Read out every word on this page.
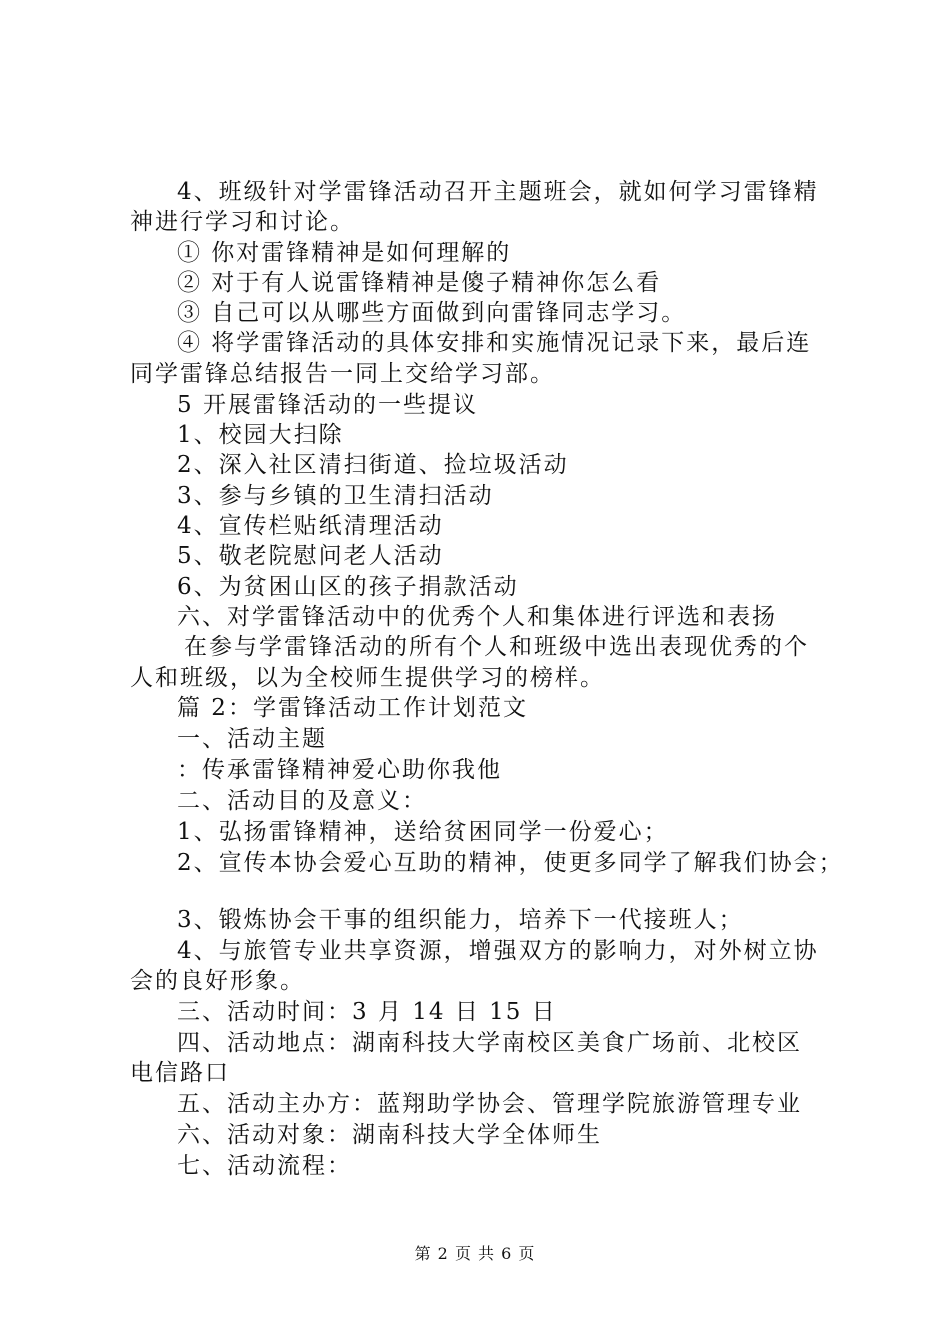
4、班级针对学雷锋活动召开主题班会，就如何学习雷锋精
神进行学习和讨论。
① 你对雷锋精神是如何理解的
② 对于有人说雷锋精神是傻子精神你怎么看
③ 自己可以从哪些方面做到向雷锋同志学习。
④ 将学雷锋活动的具体安排和实施情况记录下来，最后连
同学雷锋总结报告一同上交给学习部。
5 开展雷锋活动的一些提议
1、校园大扫除
2、深入社区清扫街道、捡垃圾活动
3、参与乡镇的卫生清扫活动
4、宣传栏贴纸清理活动
5、敬老院慰问老人活动
6、为贫困山区的孩子捐款活动
六、对学雷锋活动中的优秀个人和集体进行评选和表扬
在参与学雷锋活动的所有个人和班级中选出表现优秀的个
人和班级，以为全校师生提供学习的榜样。
篇 2：学雷锋活动工作计划范文
一、活动主题
：传承雷锋精神爱心助你我他
二、活动目的及意义：
1、弘扬雷锋精神，送给贫困同学一份爱心；
2、宣传本协会爱心互助的精神，使更多同学了解我们协会；
3、锻炼协会干事的组织能力，培养下一代接班人；
4、与旅管专业共享资源，增强双方的影响力，对外树立协
会的良好形象。
三、活动时间：3 月 14 日 15 日
四、活动地点：湖南科技大学南校区美食广场前、北校区
电信路口
五、活动主办方：蓝翔助学协会、管理学院旅游管理专业
六、活动对象：湖南科技大学全体师生
七、活动流程：
第 2 页 共 6 页
